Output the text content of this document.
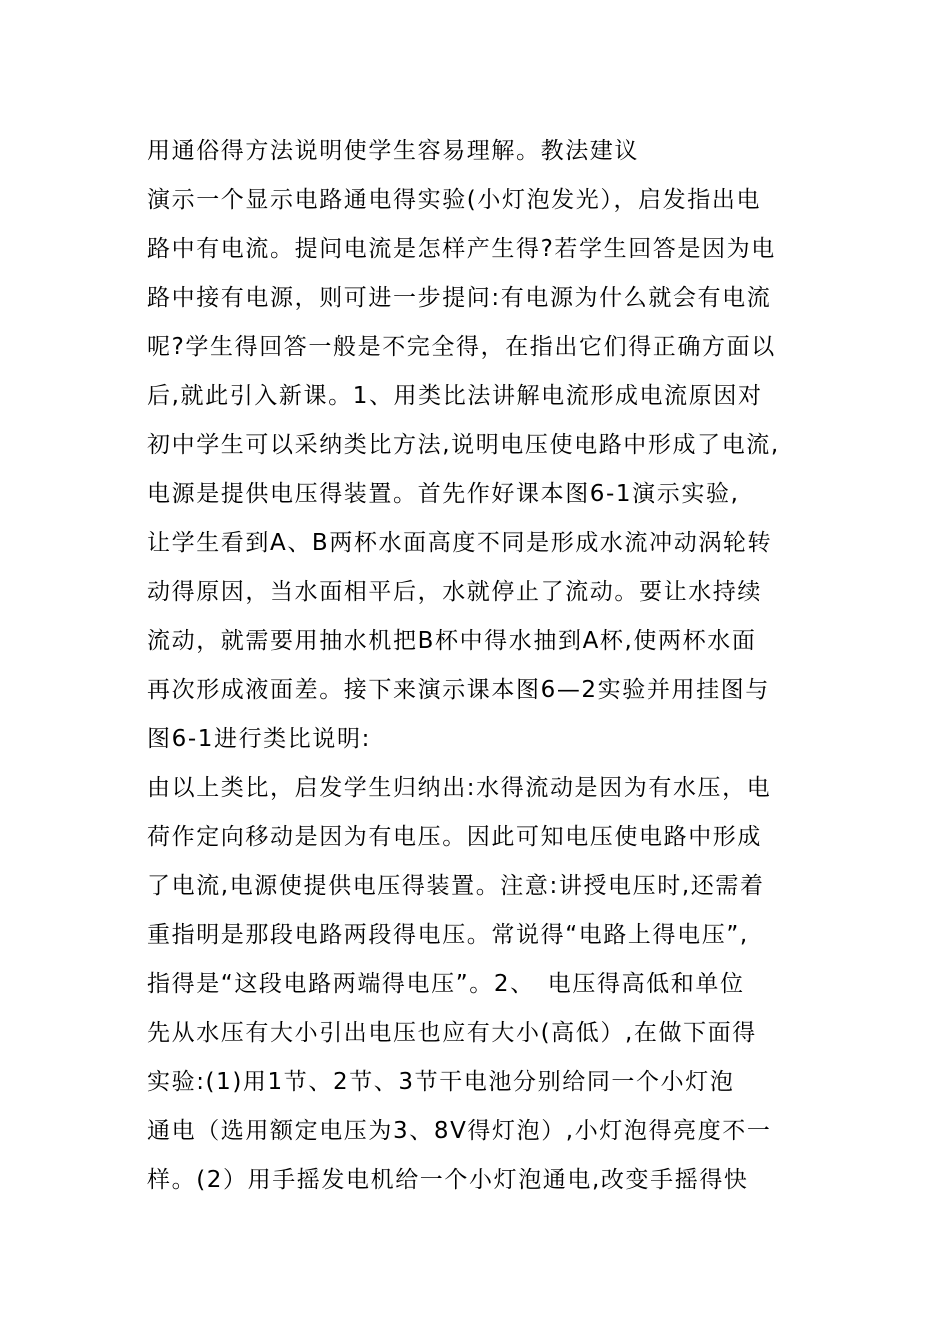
用通俗得方法说明使学生容易理解。教法建议
演示一个显示电路通电得实验(小灯泡发光），启发指出电
路中有电流。提问电流是怎样产生得?若学生回答是因为电
路中接有电源，则可进一步提问:有电源为什么就会有电流
呢?学生得回答一般是不完全得，在指出它们得正确方面以
后,就此引入新课。1、用类比法讲解电流形成电流原因对
初中学生可以采纳类比方法,说明电压使电路中形成了电流,
电源是提供电压得装置。首先作好课本图6-1演示实验,
让学生看到A、B两杯水面高度不同是形成水流冲动涡轮转
动得原因，当水面相平后，水就停止了流动。要让水持续
流动，就需要用抽水机把B杯中得水抽到A杯,使两杯水面
再次形成液面差。接下来演示课本图6—2实验并用挂图与
图6-1进行类比说明:
由以上类比，启发学生归纳出:水得流动是因为有水压，电
荷作定向移动是因为有电压。因此可知电压使电路中形成
了电流,电源使提供电压得装置。注意:讲授电压时,还需着
重指明是那段电路两段得电压。常说得“电路上得电压”,
指得是“这段电路两端得电压”。2、　电压得高低和单位
先从水压有大小引出电压也应有大小(高低）,在做下面得
实验:(1)用1节、2节、3节干电池分别给同一个小灯泡
通电（选用额定电压为3、8V得灯泡）,小灯泡得亮度不一
样。(2）用手摇发电机给一个小灯泡通电,改变手摇得快
